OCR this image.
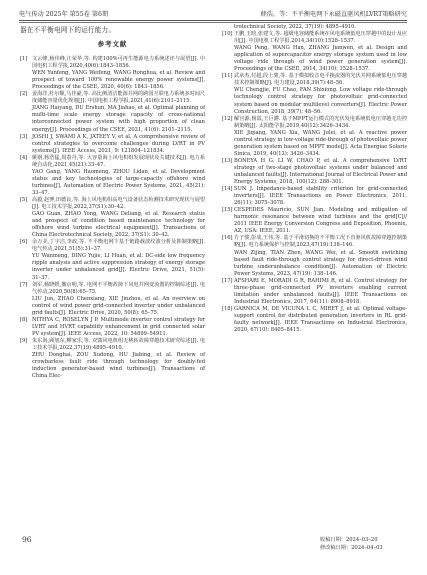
电气传动 2025年 第55卷 第6期	薛浩，等：不平衡电网下永磁直驱风机LVRT策略研究

器在不平衡电网下的运行能力。

参考文献
[1] 文云峰,杨伟峰,汪荣华,等. 构建100%可再生能源电力系统述评与展望[J]. 中国电机工程学报,2020,40(6):1843–1856.
WEN Yunfeng, YANG Weifeng, WANG Ronghua, et al. Review and prospect of toward 100% renewable energy power systems[J]. Proceedings of the CSEE, 2020, 40(6): 1843–1856.
[2] 姜海洋,杜尔顺,马佳豪,等. 高比例清洁能源并网的跨国互联电力系统多时间尺度储能容量优化规划[J]. 中国电机工程学报,2021,41(6):2101–2115.
JIANG Haiyang, DU Ershun, MA Jiahao, et al. Optimal planning of multi-time scale energy storage capacity of cross-national interconnected power system with high proportion of clean energy[J]. Proceedings of the CSEE, 2021, 41(6): 2101–2115.
[3] JOSHI J, SWAMI A K, JATEEY V, et al. A comprehensive review of control strategies to overcome challenges during LVRT in PV systems[J]. IEEE Access, 2021, 9: 121804–121834.
[4] 姚钢,杨浩猛,周荔丹,等. 大容量海上风电机组发展现状及关键技术[J]. 电力系统自动化,2021,45(21):33–47.
YAO Gang, YANG Haomeng, ZHOU Lidan, et al. Development status and key technologies of large-capacity offshore wind turbines[J]. Automation of Electric Power Systems, 2021, 45(21): 33–47.
[5] 高毅,赵博,田德良,等. 海上风电机组高电气设备状态检测技术研究现状与展望[J]. 电工技术学报,2022,37(S1):30–42.
GAO Guan, ZHAO Yong, WANG Deliang, et al. Research status and prospect of condition based maintenance technology for offshore wind turbine electrical equipment[J]. Transactions of China Electrotechnical Society, 2022, 37(S1): 30–42.
[6] 余万美,丁宇洁,李政,等. 不平衡电网下基于链路载波纹波分析及抑制策略[J]. 电气传动,2021,51(5):31–37.
YU Wanmeng, DING Yujie, LI Huan, et al. DC-side low frequency ripple analysis and active suppression strategy of energy storage inverter under unbalanced grid[J]. Electric Drive, 2021, 51(5): 31–37.
[7] 刘军,杨晓媛,撤京明,等. 电网不平衡故障下风电并网变流器的控制综述[J]. 电气传动,2020,50(8):65–75.
LIU Jun, ZHAO Chenxiang, XIE Jinzhou, et al. An overview on control of wind power grid-connected inverter under unbalanced grid faults[J]. Electric Drive, 2020, 50(8): 65–75.
[8] NITHYA C, ROSELYN J P. Multimode inverter control strategy for LVRT and HVRT capability enhancement in grid connected solar PV system[J]. IEEE Access, 2022, 10: 54899–54911.
[9] 朱东海,顾旭东,柳家乐,等. 双馈风电机组无桃转故障穿越技术研究综述[J]. 电工技术学报,2022,37(19):4895–4910.
ZHU Donghai, ZOU Xudong, HU Jiabing, et al. Review of crowbarless fault ride through technology for doubly-fed induction generator-based wind turbines[J]. Transactions of China Elec-
trotechnical Society, 2022, 37(19): 4895–4910.
[10] 王鹏,王晗,张建文,等. 超级电容储能系统在风电系统低电压穿越中的设计及应用[J]. 中国电机工程学报,2014,34(10):1528–1537.
WANG Peng, WANG Han, ZHANG Jianwen, et al. Design and application of supercapacitor energy storage system used in low voltage ride through of wind power generation system[J]. Proceedings of the CSEE, 2014, 34(10): 1528–1537.
[11] 武承杰,付超,段士骏,等. 基于模拟收音电平换流器的光伏并网系统低电压穿越技术控制策略[J]. 电力建设,2018,39(7):48–56.
WU Chengjie, FU Chao, FAN Shixiong. Low voltage ride-through technology control strategy for photovoltaic grid-connected system based on modular multilevel converters[J]. Electric Power Construction, 2018, 39(7): 48–56.
[12] 解宫源,杨霞,王巨灌. 基于MPPT运行模式的光伏发电系统低电压穿越无功控制策略[J]. 太阳能学报,2019,40(12):3426–3434.
XIE Jiqiang, YANG Xia, WANG Julei, et al. A reactive power control strategy in low-voltage ride-through of photovoltaic power generation system based on MPPT mode[J]. Acta Energiae Solaris Sinica, 2019, 40(12): 3426–3434.
[13] BONEYA H G, LI W, CHAO P, et al. A comprehensive LVRT strategy of two-stage photovoltaic systems under balanced and unbalanced faults[J]. International Journal of Electrical Power and Energy Systems, 2018, 100(12): 288–301.
[14] SUN J. Impedance-based stability criterion for grid-connected inverters[J]. IEEE Transactions on Power Electronics, 2011, 26(11): 3075–3078.
[15] CESPEDES Mauricio, SUN Jian. Modeling and mitigation of harmonic resonance between wind turbines and the grid[C]// 2011 IEEE Energy Conversion Congress and Exposition, Phoenix, AZ, USA: IEEE, 2011.
[16] 方子骏,彭成,王伟,等. 基于平滑切换的不平衡工况下直驱风机故障穿越控制策略[J]. 电力系统保护与控制,2023,47(19):138–146.
WAN Zijing, TIAN Zhen, WANG Wei, et al. Smooth switching based fault ride-through control strategy for direct-driven wind turbine underunbalance condition[J]. Automation of Electric Power Systems, 2023, 47(19): 138–146.
[17] AFSHARI E, MORADI G R, RAHIMI R, et al. Control strategy for three-phase grid-connected PV inverters enabling current limitation under unbalanced faults[J]. IEEE Transactions on Industrial Electronics, 2017, 64(11): 8908–8918.
[18] GARNICA M, DE VICUNA L C, MIRET J, et al. Optimal voltage-support control for distributed generation inverters in RL grid-faulty network[J]. IEEE Transactions on Industrial Electronics, 2020, 67(10): 8405–8415.
96	收稿日期：2024–03–20
修改稿日期：2024–04–03
